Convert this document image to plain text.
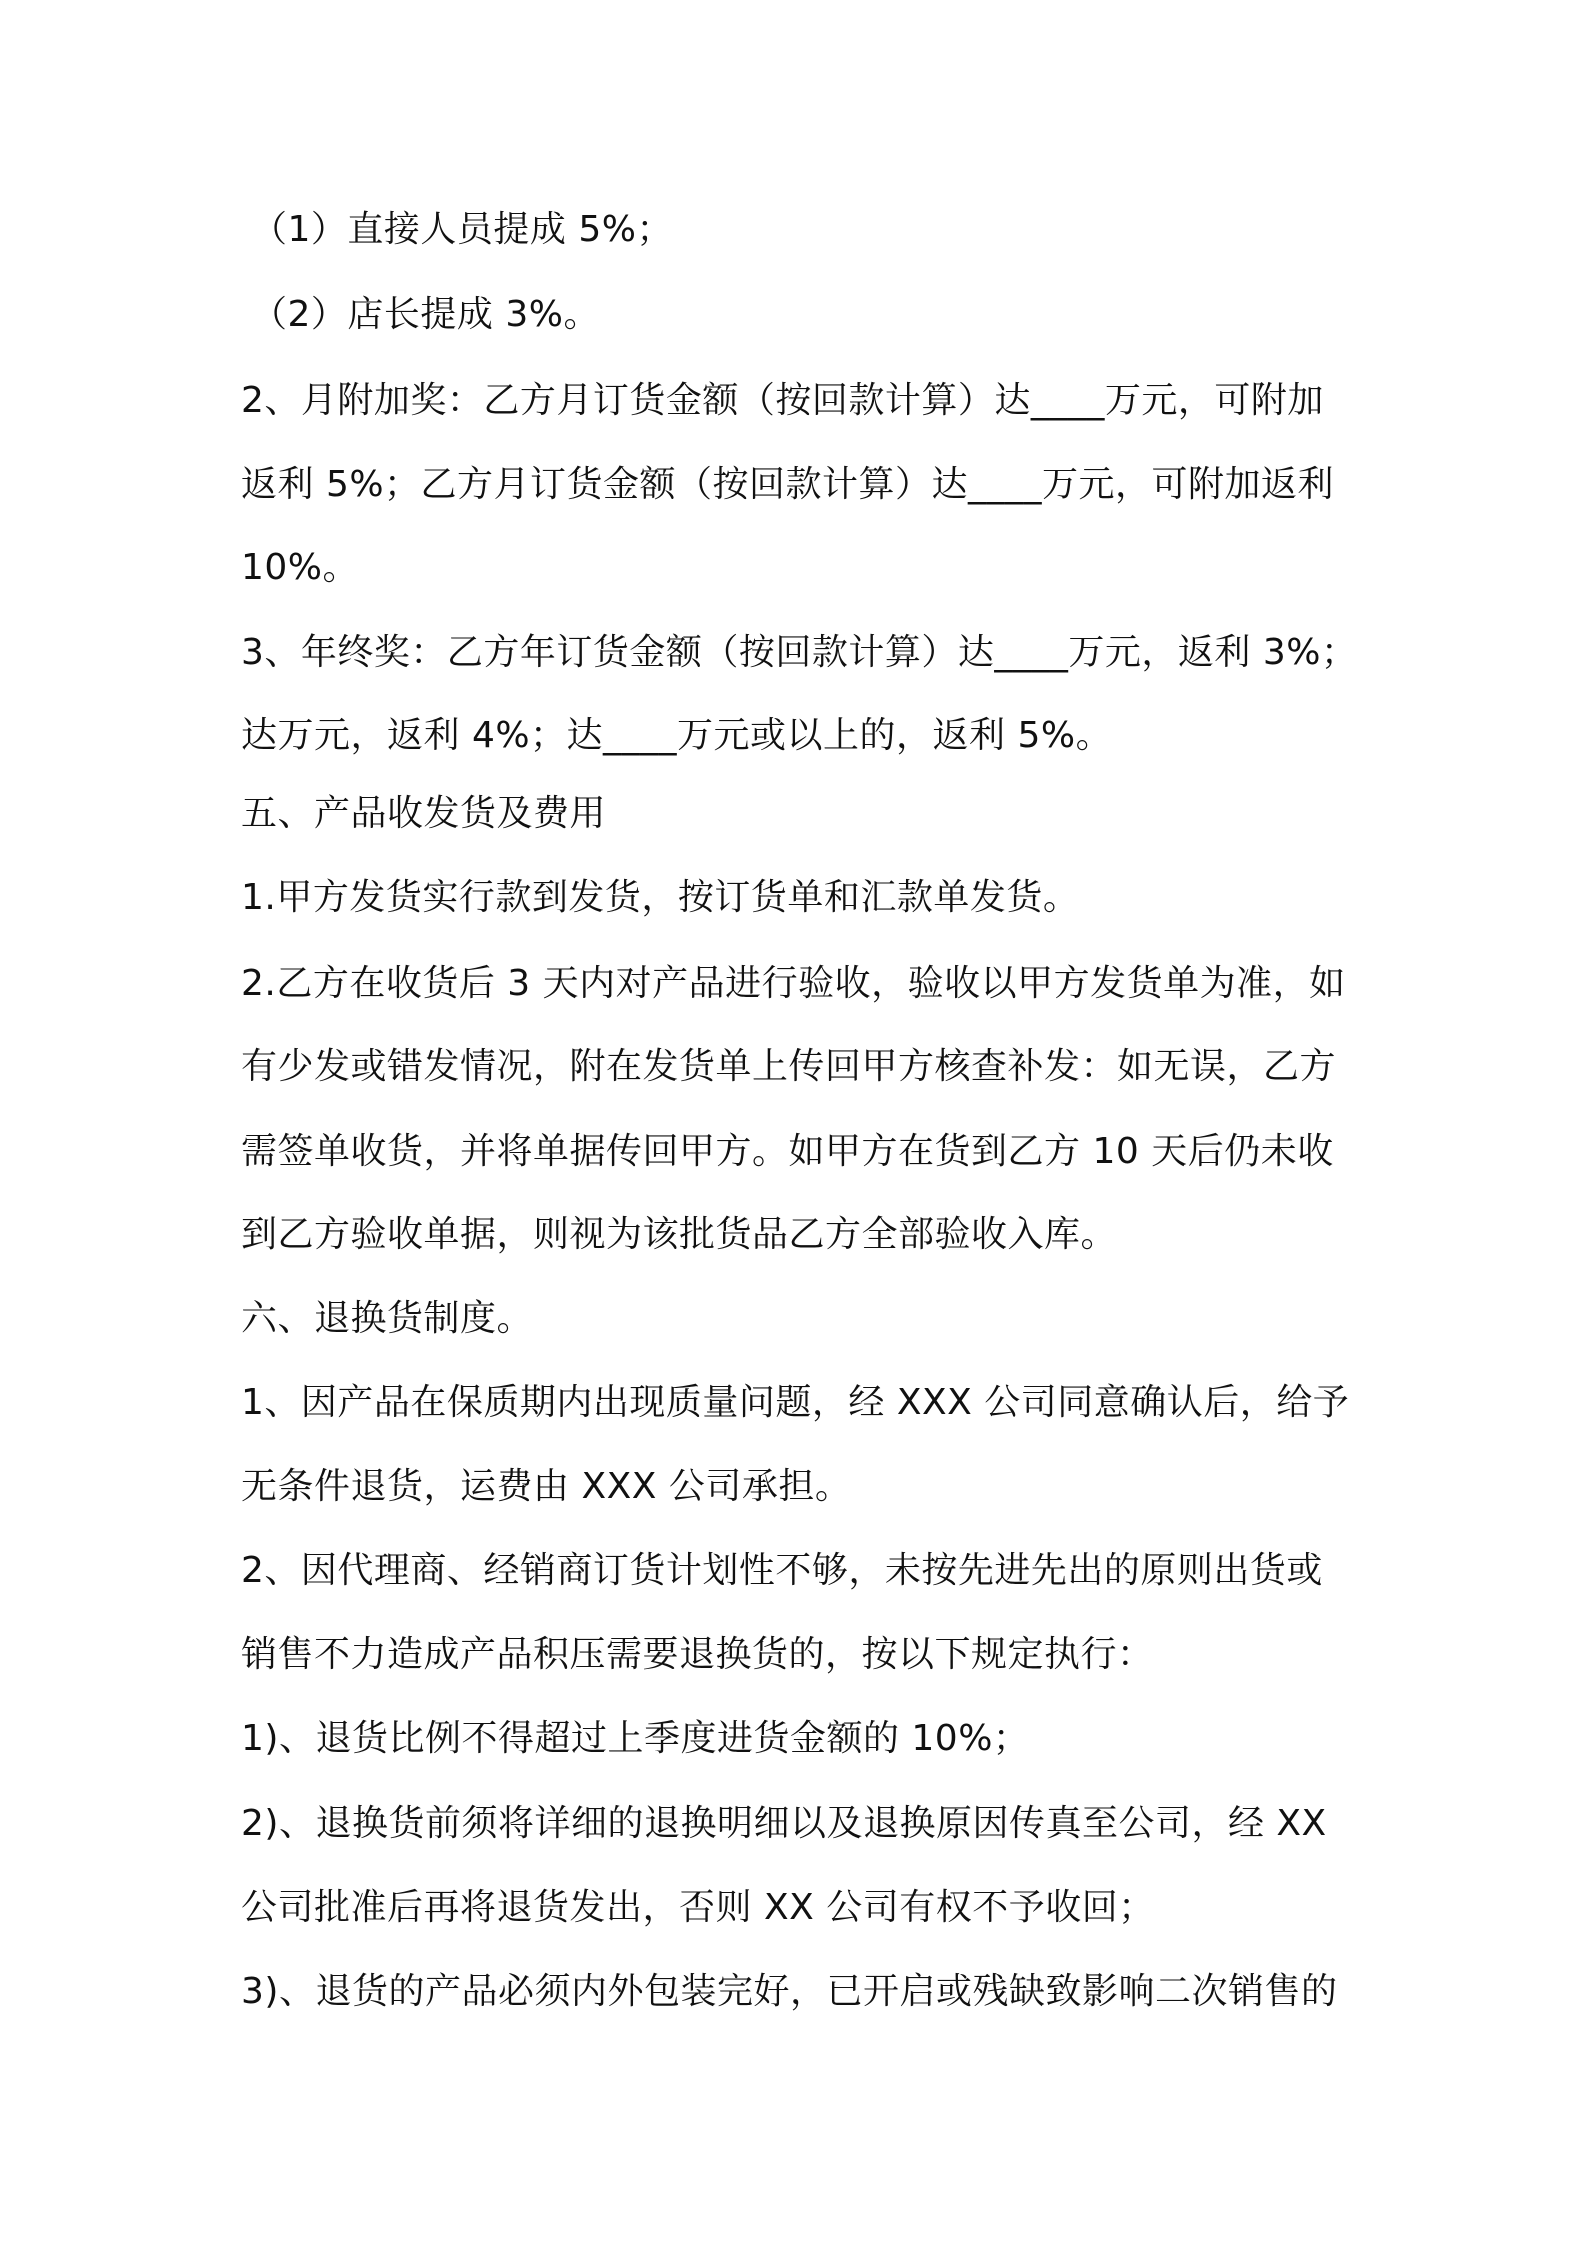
（1）直接人员提成 5%；
（2）店长提成 3%。
2、月附加奖：乙方月订货金额（按回款计算）达____万元，可附加
返利 5%；乙方月订货金额（按回款计算）达____万元，可附加返利
10%。
3、年终奖：乙方年订货金额（按回款计算）达____万元，返利 3%；
达万元，返利 4%；达____万元或以上的，返利 5%。
五、产品收发货及费用
1.甲方发货实行款到发货，按订货单和汇款单发货。
2.乙方在收货后 3 天内对产品进行验收，验收以甲方发货单为准，如
有少发或错发情况，附在发货单上传回甲方核查补发：如无误，乙方
需签单收货，并将单据传回甲方。如甲方在货到乙方 10 天后仍未收
到乙方验收单据，则视为该批货品乙方全部验收入库。
六、退换货制度。
1、因产品在保质期内出现质量问题，经 XXX 公司同意确认后，给予
无条件退货，运费由 XXX 公司承担。
2、因代理商、经销商订货计划性不够，未按先进先出的原则出货或
销售不力造成产品积压需要退换货的，按以下规定执行：
1)、退货比例不得超过上季度进货金额的 10%；
2)、退换货前须将详细的退换明细以及退换原因传真至公司，经 XX
公司批准后再将退货发出，否则 XX 公司有权不予收回；
3)、退货的产品必须内外包装完好，已开启或残缺致影响二次销售的
